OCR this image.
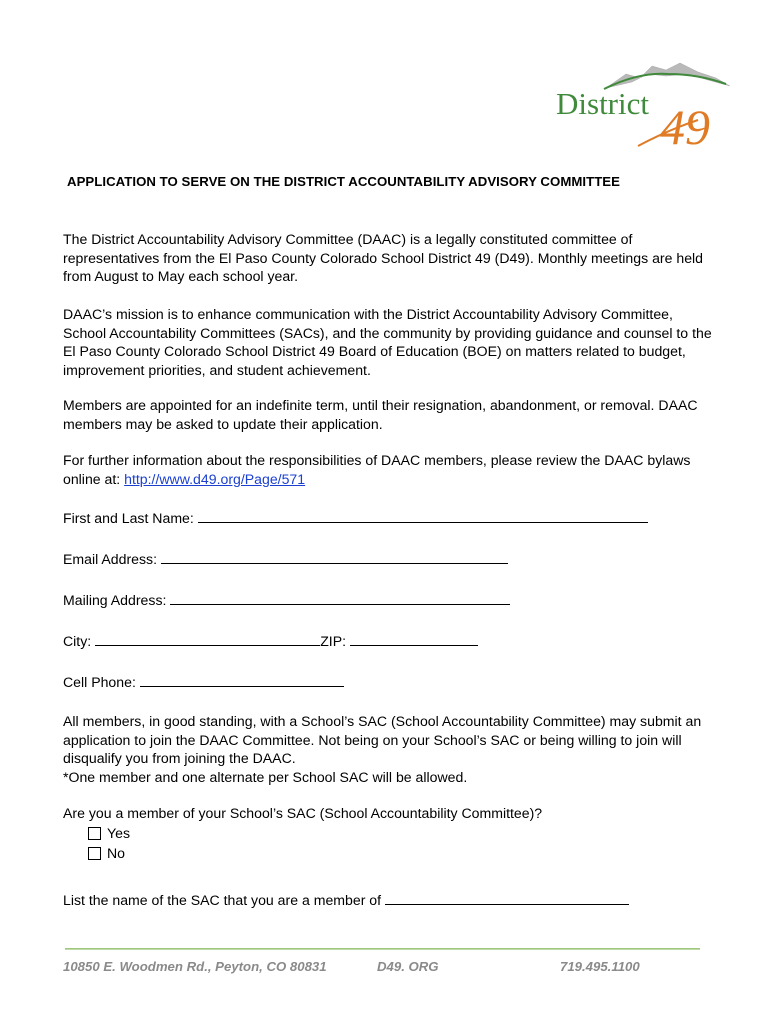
District 49
APPLICATION TO SERVE ON THE DISTRICT ACCOUNTABILITY ADVISORY COMMITTEE

The District Accountability Advisory Committee (DAAC) is a legally constituted committee of representatives from the El Paso County Colorado School District 49 (D49). Monthly meetings are held from August to May each school year.

DAAC’s mission is to enhance communication with the District Accountability Advisory Committee, School Accountability Committees (SACs), and the community by providing guidance and counsel to the El Paso County Colorado School District 49 Board of Education (BOE) on matters related to budget, improvement priorities, and student achievement.

Members are appointed for an indefinite term, until their resignation, abandonment, or removal. DAAC members may be asked to update their application.

For further information about the responsibilities of DAAC members, please review the DAAC bylaws online at: http://www.d49.org/Page/571

First and Last Name:
Email Address:
Mailing Address:
City:	ZIP:
Cell Phone:

All members, in good standing, with a School’s SAC (School Accountability Committee) may submit an application to join the DAAC Committee. Not being on your School’s SAC or being willing to join will disqualify you from joining the DAAC.
*One member and one alternate per School SAC will be allowed.

Are you a member of your School’s SAC (School Accountability Committee)?

Yes
No
List the name of the SAC that you are a member of
10850 E. Woodmen Rd., Peyton, CO 80831	D49. ORG	719.495.1100
